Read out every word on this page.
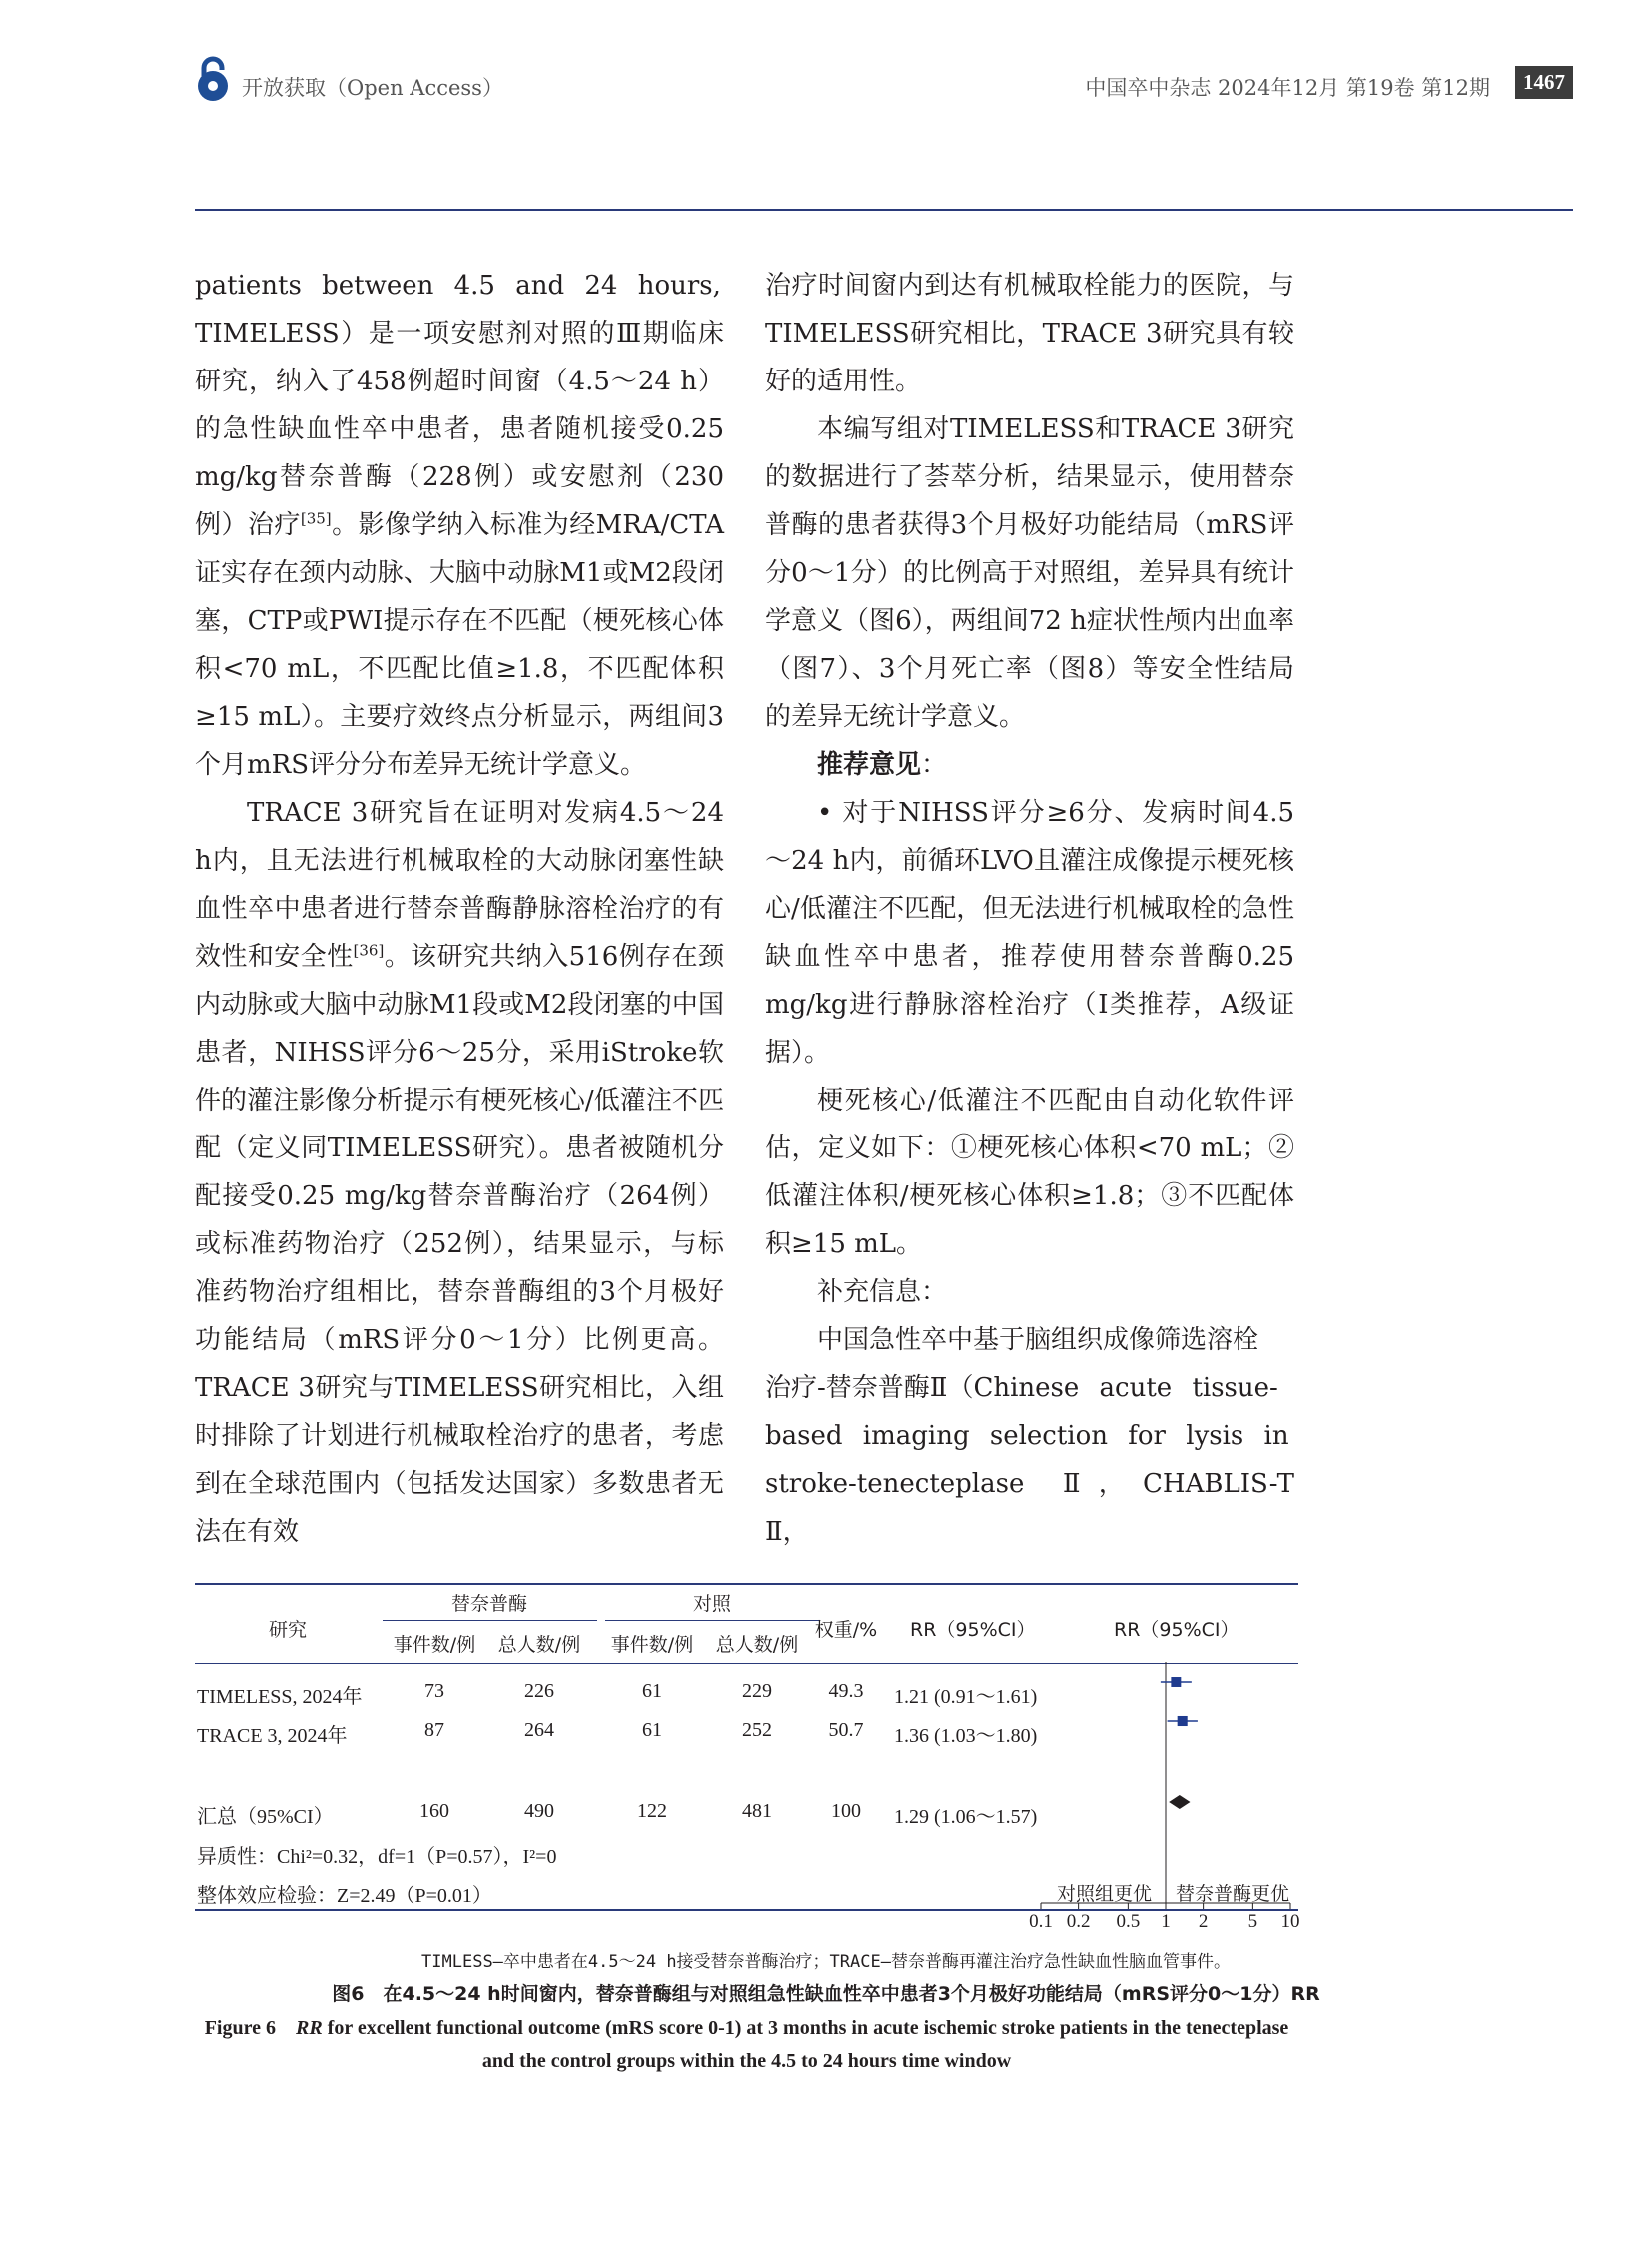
开放获取（Open Access）	中国卒中杂志 2024年12月 第19卷 第12期	1467

patients between 4.5 and 24 hours,

TIMELESS）是一项安慰剂对照的Ⅲ期临床研究，纳入了458例超时间窗（4.5～24 h）的急性缺血性卒中患者，患者随机接受0.25 mg/kg替奈普酶（228例）或安慰剂（230例）治疗[35]。影像学纳入标准为经MRA/CTA证实存在颈内动脉、大脑中动脉M1或M2段闭塞，CTP或PWI提示存在不匹配（梗死核心体积<70 mL，不匹配比值≥1.8，不匹配体积≥15 mL）。主要疗效终点分析显示，两组间3个月mRS评分分布差异无统计学意义。

TRACE 3研究旨在证明对发病4.5～24 h内，且无法进行机械取栓的大动脉闭塞性缺血性卒中患者进行替奈普酶静脉溶栓治疗的有效性和安全性[36]。该研究共纳入516例存在颈内动脉或大脑中动脉M1段或M2段闭塞的中国患者，NIHSS评分6～25分，采用iStroke软件的灌注影像分析提示有梗死核心/低灌注不匹配（定义同TIMELESS研究）。患者被随机分配接受0.25 mg/kg替奈普酶治疗（264例）或标准药物治疗（252例），结果显示，与标准药物治疗组相比，替奈普酶组的3个月极好功能结局（mRS评分0～1分）比例更高。TRACE 3研究与TIMELESS研究相比，入组时排除了计划进行机械取栓治疗的患者，考虑到在全球范围内（包括发达国家）多数患者无法在有效

治疗时间窗内到达有机械取栓能力的医院，与TIMELESS研究相比，TRACE 3研究具有较好的适用性。

本编写组对TIMELESS和TRACE 3研究的数据进行了荟萃分析，结果显示，使用替奈普酶的患者获得3个月极好功能结局（mRS评分0～1分）的比例高于对照组，差异具有统计学意义（图6），两组间72 h症状性颅内出血率（图7）、3个月死亡率（图8）等安全性结局的差异无统计学意义。

推荐意见：

• 对于NIHSS评分≥6分、发病时间4.5～24 h内，前循环LVO且灌注成像提示梗死核心/低灌注不匹配，但无法进行机械取栓的急性缺血性卒中患者，推荐使用替奈普酶0.25 mg/kg进行静脉溶栓治疗（Ⅰ类推荐，A级证据）。

梗死核心/低灌注不匹配由自动化软件评估，定义如下：①梗死核心体积<70 mL；②低灌注体积/梗死核心体积≥1.8；③不匹配体积≥15 mL。

补充信息：

中国急性卒中基于脑组织成像筛选溶栓

治疗-替奈普酶Ⅱ（Chinese acute tissue-

based imaging selection for lysis in

stroke-tenecteplase Ⅱ，CHABLIS-T Ⅱ，

研究
替奈普酶	对照
事件数/例 总人数/例 事件数/例 总人数/例
权重/% RR（95%CI）	RR（95%CI）
TIMELESS, 2024年	73	226	61	229	49.3 1.21 (0.91～1.61)
TRACE 3, 2024年	87	264	61	252	50.7 1.36 (1.03～1.80)
汇总（95%CI）	160	490	122	481	100 1.29 (1.06～1.57)
异质性：Chi²=0.32，df=1（P=0.57），I²=0
整体效应检验：Z=2.49（P=0.01）	对照组更优 替奈普酶更优
0.1 0.2 0.5 1 2 5 10
TIMLESS—卒中患者在4.5～24 h接受替奈普酶治疗；TRACE—替奈普酶再灌注治疗急性缺血性脑血管事件。
图6　在4.5～24 h时间窗内，替奈普酶组与对照组急性缺血性卒中患者3个月极好功能结局（mRS评分0～1分）RR
Figure 6 RR for excellent functional outcome (mRS score 0-1) at 3 months in acute ischemic stroke patients in the tenecteplase and the control groups within the 4.5 to 24 hours time window
